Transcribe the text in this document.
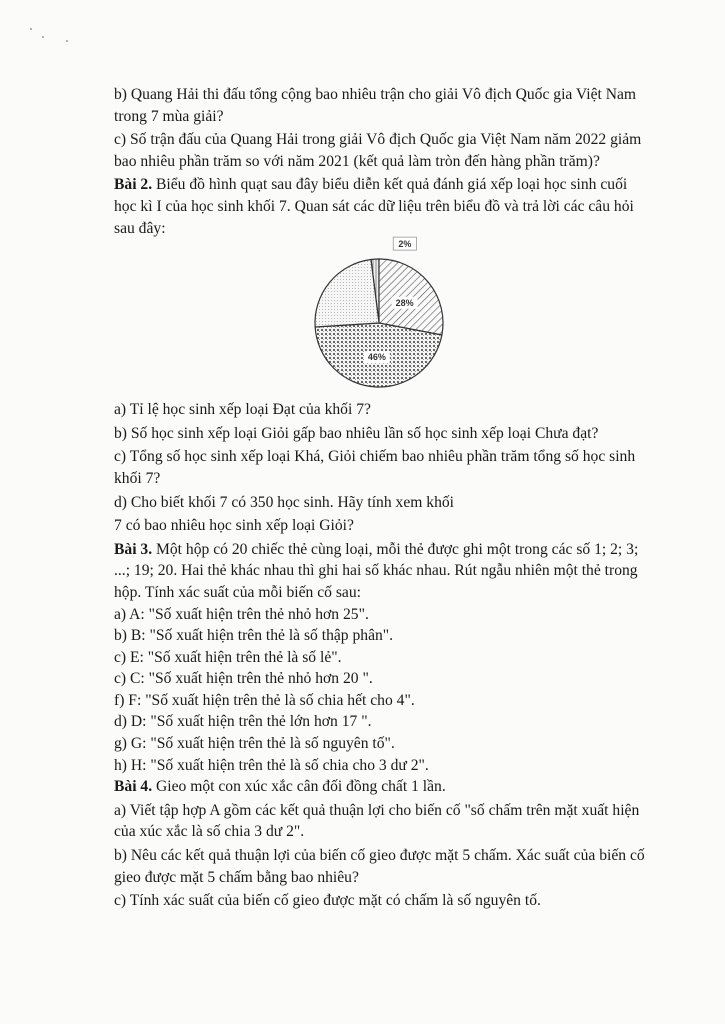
b) Quang Hải thi đấu tổng cộng bao nhiêu trận cho giải Vô địch Quốc gia Việt Nam
trong 7 mùa giải?
c) Số trận đấu của Quang Hải trong giải Vô địch Quốc gia Việt Nam năm 2022 giảm
bao nhiêu phần trăm so với năm 2021 (kết quả làm tròn đến hàng phần trăm)?
Bài 2. Biểu đồ hình quạt sau đây biểu diễn kết quả đánh giá xếp loại học sinh cuối
học kì I của học sinh khối 7. Quan sát các dữ liệu trên biểu đồ và trả lời các câu hỏi
sau đây:
2%
28%
46%
a) Tỉ lệ học sinh xếp loại Đạt của khối 7?
b) Số học sinh xếp loại Giỏi gấp bao nhiêu lần số học sinh xếp loại Chưa đạt?
c) Tổng số học sinh xếp loại Khá, Giỏi chiếm bao nhiêu phần trăm tổng số học sinh
khối 7?
d) Cho biết khối 7 có 350 học sinh. Hãy tính xem khối
7 có bao nhiêu học sinh xếp loại Giỏi?
Bài 3. Một hộp có 20 chiếc thẻ cùng loại, mỗi thẻ được ghi một trong các số 1; 2; 3;
...; 19; 20. Hai thẻ khác nhau thì ghi hai số khác nhau. Rút ngẫu nhiên một thẻ trong
hộp. Tính xác suất của mỗi biến cố sau:
a) A: "Số xuất hiện trên thẻ nhỏ hơn 25".
b) B: "Số xuất hiện trên thẻ là số thập phân".
c) E: "Số xuất hiện trên thẻ là số lẻ".
c) C: "Số xuất hiện trên thẻ nhỏ hơn 20 ".
f) F: "Số xuất hiện trên thẻ là số chia hết cho 4".
d) D: "Số xuất hiện trên thẻ lớn hơn 17 ".
g) G: "Số xuất hiện trên thẻ là số nguyên tố".
h) H: "Số xuất hiện trên thẻ là số chia cho 3 dư 2".
Bài 4. Gieo một con xúc xắc cân đối đồng chất 1 lần.
a) Viết tập hợp A gồm các kết quả thuận lợi cho biến cố "số chấm trên mặt xuất hiện
của xúc xắc là số chia 3 dư 2".
b) Nêu các kết quả thuận lợi của biến cố gieo được mặt 5 chấm. Xác suất của biến cố
gieo được mặt 5 chấm bằng bao nhiêu?
c) Tính xác suất của biến cố gieo được mặt có chấm là số nguyên tố.
